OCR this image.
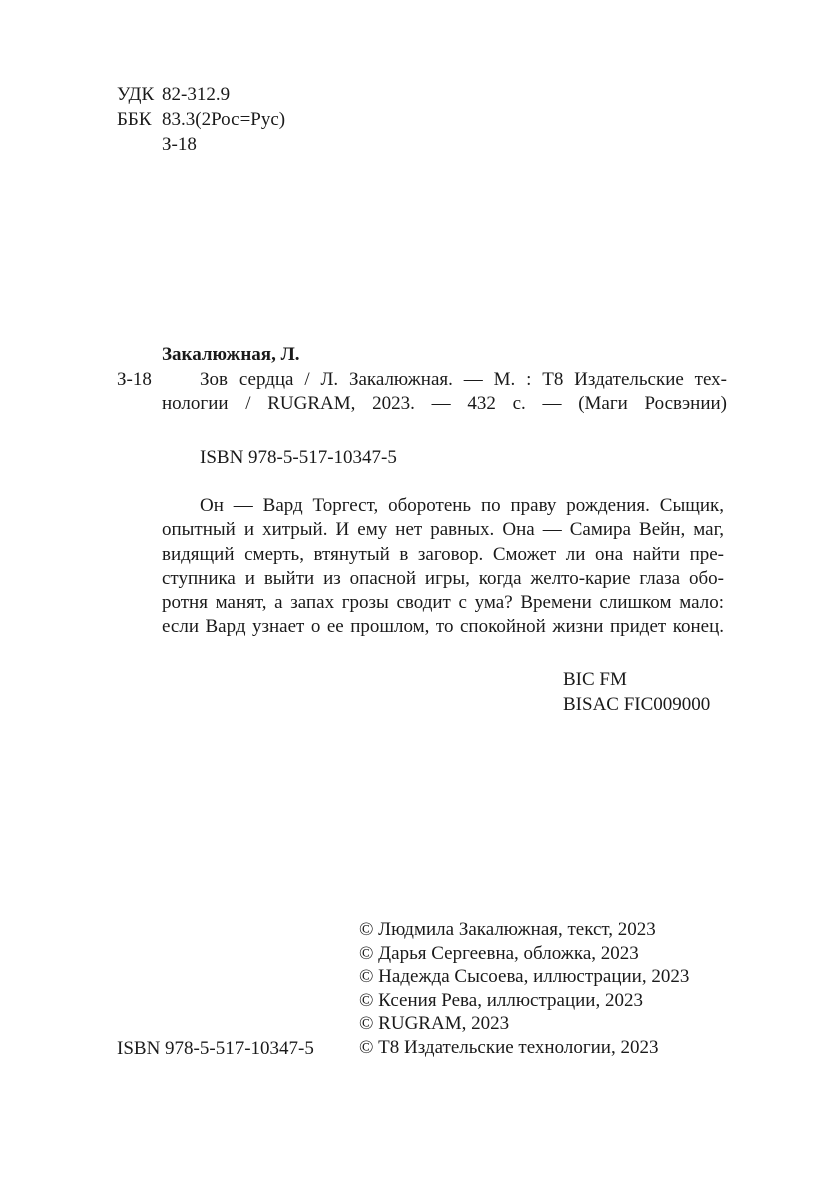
УДК 82-312.9
ББК 83.3(2Рос=Рус)
З-18
Закалюжная, Л.
З-18	Зов сердца / Л. Закалюжная. — М. : Т8 Издательские тех-
нологии / RUGRAM, 2023. — 432 с. — (Маги Росвэнии)
ISBN 978-5-517-10347-5
Он — Вард Торгест, оборотень по праву рождения. Сыщик,
опытный и хитрый. И ему нет равных. Она — Самира Вейн, маг,
видящий смерть, втянутый в заговор. Сможет ли она найти пре-
ступника и выйти из опасной игры, когда желто-карие глаза обо-
ротня манят, а запах грозы сводит с ума? Времени слишком мало:
если Вард узнает о ее прошлом, то спокойной жизни придет конец.
BIC FM
BISAC FIC009000
ISBN 978-5-517-10347-5
© Людмила Закалюжная, текст, 2023
© Дарья Сергеевна, обложка, 2023
© Надежда Сысоева, иллюстрации, 2023
© Ксения Рева, иллюстрации, 2023
© RUGRAM, 2023
© Т8 Издательские технологии, 2023
